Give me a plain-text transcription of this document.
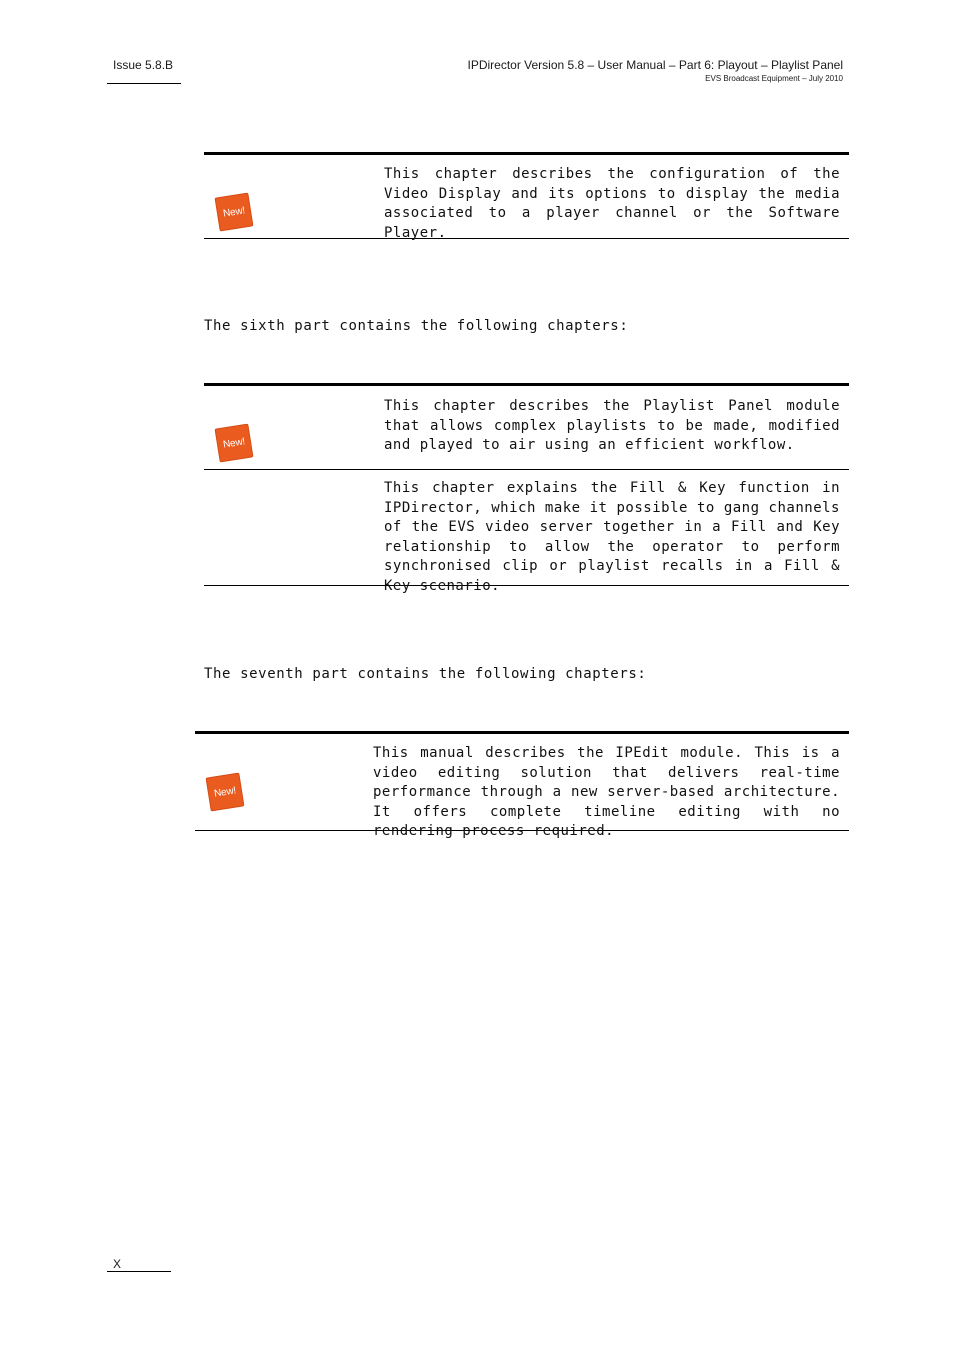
Issue 5.8.B	IPDirector Version 5.8 – User Manual – Part 6: Playout – Playlist Panel
EVS Broadcast Equipment – July 2010
New!
This chapter describes the configuration of the Video Display and its options to display the media associated to a player channel or the Software Player.
The sixth part contains the following chapters:
New!
This chapter describes the Playlist Panel module that allows complex playlists to be made, modified and played to air using an efficient workflow.
This chapter explains the Fill & Key function in IPDirector, which make it possible to gang channels of the EVS video server together in a Fill and Key relationship to allow the operator to perform synchronised clip or playlist recalls in a Fill & Key scenario.
The seventh part contains the following chapters:
New!
This manual describes the IPEdit module. This is a video editing solution that delivers real-time performance through a new server-based architecture. It offers complete timeline editing with no rendering process required.
X
